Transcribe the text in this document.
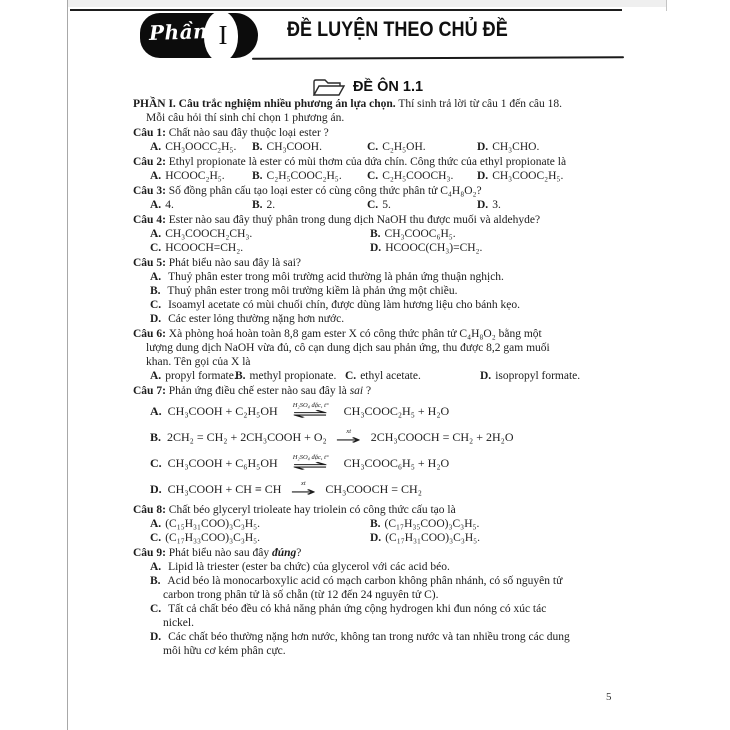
Phần I	ĐỀ LUYỆN THEO CHỦ ĐỀ
ĐỀ ÔN 1.1

PHẦN I. Câu trắc nghiệm nhiều phương án lựa chọn. Thí sinh trả lời từ câu 1 đến câu 18.
Mỗi câu hỏi thí sinh chỉ chọn 1 phương án.

Câu 1: Chất nào sau đây thuộc loại ester ?

A. CH₃OOCC₂H₅.	B. CH₃COOH.	C. C₂H₅OH.	D. CH₃CHO.

Câu 2: Ethyl propionate là ester có mùi thơm của dứa chín. Công thức của ethyl propionate là

A. HCOOC₂H₅.	B. C₂H₅COOC₂H₅.	C. C₂H₅COOCH₃.	D. CH₃COOC₂H₅.

Câu 3: Số đồng phân cấu tạo loại ester có cùng công thức phân tử C₄H₈O₂?

A. 4.	B. 2.	C. 5.	D. 3.

Câu 4: Ester nào sau đây thuỷ phân trong dung dịch NaOH thu được muối và aldehyde?

A. CH₃COOCH₂CH₃.	B. CH₃COOC₆H₅.
C. HCOOCH=CH₂.	D. HCOOC(CH₃)=CH₂.

Câu 5: Phát biểu nào sau đây là sai?

A. Thuỷ phân ester trong môi trường acid thường là phản ứng thuận nghịch.

B. Thuỷ phân ester trong môi trường kiềm là phản ứng một chiều.

C. Isoamyl acetate có mùi chuối chín, được dùng làm hương liệu cho bánh kẹo.

D. Các ester lỏng thường nặng hơn nước.

Câu 6: Xà phòng hoá hoàn toàn 8,8 gam ester X có công thức phân tử C₄H₈O₂ bằng một
lượng dung dịch NaOH vừa đủ, cô cạn dung dịch sau phản ứng, thu được 8,2 gam muối
khan. Tên gọi của X là

A. propyl formate.
B. methyl propionate. C. ethyl acetate.	D. isopropyl formate.

Câu 7: Phản ứng điều chế ester nào sau đây là sai ?

A. CH₃COOH + C₂H₅OH H₂SO₄ đặc, t°
⇌ CH₃COOC₂H₅ + H₂O
B. 2CH₂ = CH₂ + 2CH₃COOH + O₂	xt
→ 2CH₃COOCH = CH₂ + 2H₂O
C. CH₃COOH + C₆H₅OH H₂SO₄ đặc, t°
⇌ CH₃COOC₆H₅ + H₂O
D. CH₃COOH + CH ≡ CH	xt
→ CH₃COOCH = CH₂

Câu 8: Chất béo glyceryl trioleate hay triolein có công thức cấu tạo là

A. (C₁₅H₃₁COO)₃C₃H₅.	B. (C₁₇H₃₅COO)₃C₃H₅.
C. (C₁₇H₃₃COO)₃C₃H₅.	D. (C₁₇H₃₁COO)₃C₃H₅.

Câu 9: Phát biểu nào sau đây đúng?

A. Lipid là triester (ester ba chức) của glycerol với các acid béo.

B. Acid béo là monocarboxylic acid có mạch carbon không phân nhánh, có số nguyên tử
carbon trong phân tử là số chẵn (từ 12 đến 24 nguyên tử C).

C. Tất cả chất béo đều có khả năng phản ứng cộng hydrogen khi đun nóng có xúc tác
nickel.

D. Các chất béo thường nặng hơn nước, không tan trong nước và tan nhiều trong các dung
môi hữu cơ kém phân cực.

5
